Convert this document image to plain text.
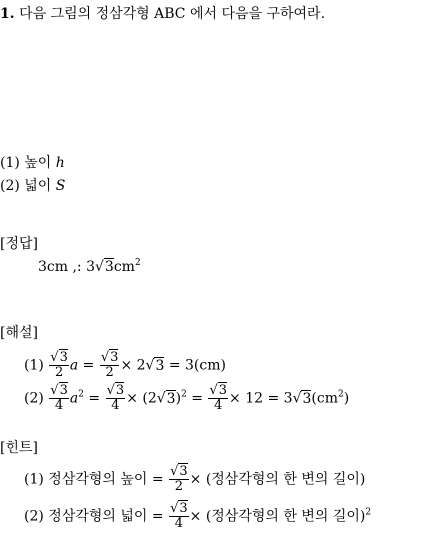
1. 다음 그림의 정삼각형 ABC 에서 다음을 구하여라.
(1) 높이 h
(2) 넓이 S
[정답]
3cm ,: $3√3cm^2$
[해설]
$(1) \frac{√3}{2}$ $a = \frac{√3}{2} \times 2√3 = 3(cm)$
$(2) \frac{√3}{4} a^2 = \frac{√3}{4} \times (2√3)^2 = \frac{√3}{4} \times 12 = 3√3(cm^2)$
[힌트]
(1) 정삼각형의 높이 = $\frac{√3}{2}$ × (정삼각형의 한 변의 길이)
(2) 정삼각형의 넓이 = $\frac{√3}{4}$ × (정삼각형의 한 변의 길이)$^2$
